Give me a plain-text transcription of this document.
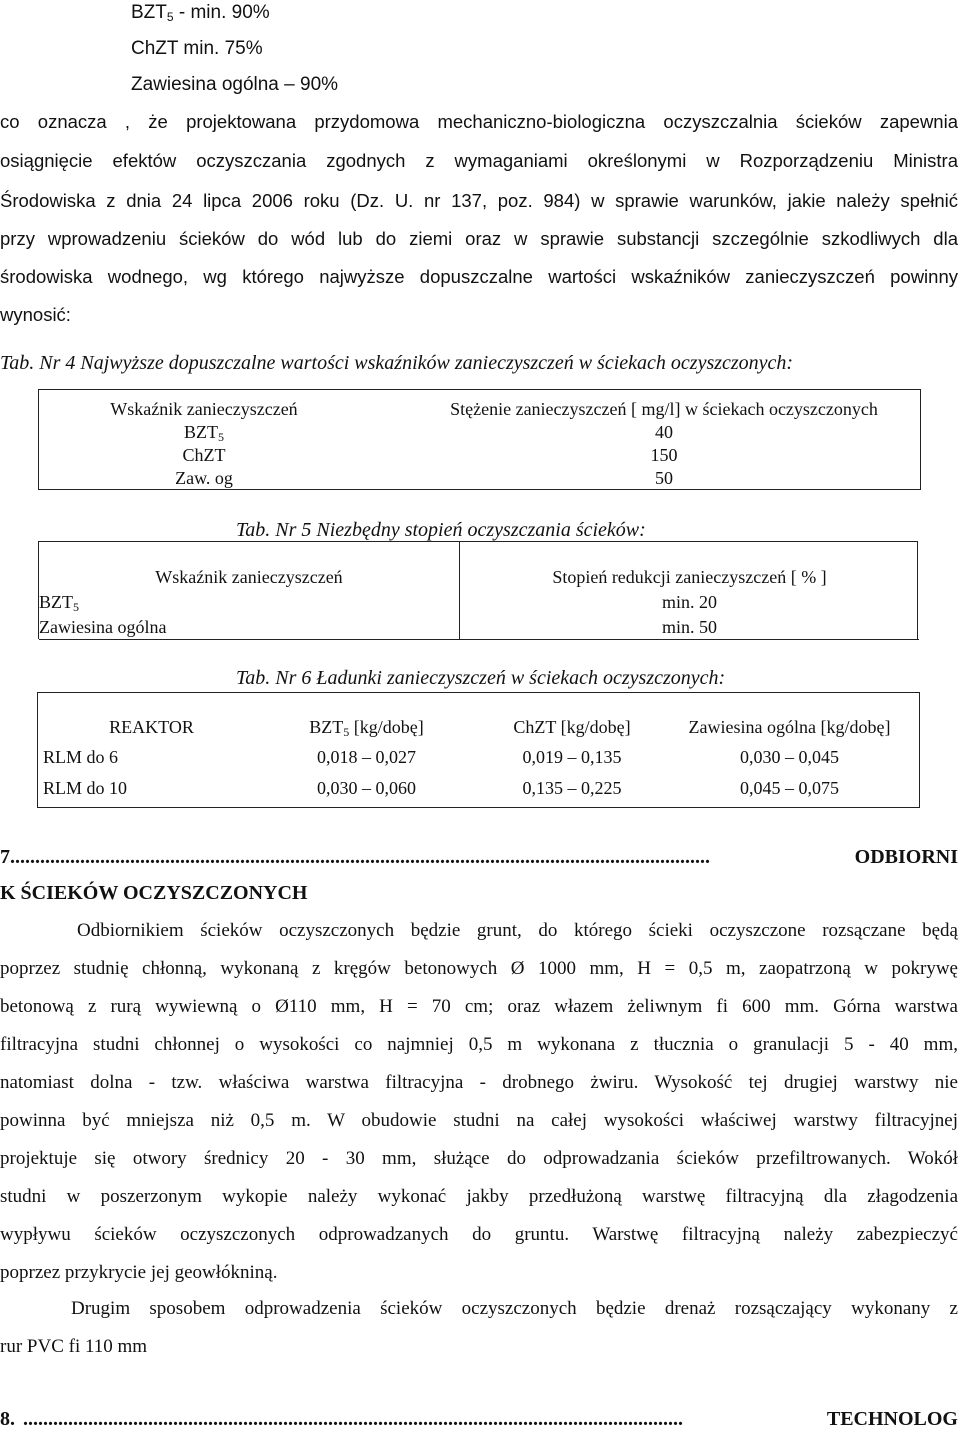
$BZT_5$ - min. 90%
ChZT min. 75%
Zawiesina ogólna – 90%
co oznacza , że projektowana przydomowa mechaniczno-biologiczna oczyszczalnia ścieków zapewnia
osiągnięcie efektów oczyszczania zgodnych z wymaganiami określonymi w Rozporządzeniu Ministra
Środowiska z dnia 24 lipca 2006 roku (Dz. U. nr 137, poz. 984) w sprawie warunków, jakie należy spełnić
przy wprowadzeniu ścieków do wód lub do ziemi oraz w sprawie substancji szczególnie szkodliwych dla
środowiska wodnego, wg którego najwyższe dopuszczalne wartości wskaźników zanieczyszczeń powinny
wynosić:
Tab. Nr 4 Najwyższe dopuszczalne wartości wskaźników zanieczyszczeń w ściekach oczyszczonych:
Wskaźnik zanieczyszczeń	Stężenie zanieczyszczeń [ mg/l] w ściekach oczyszczonych
$BZT_5$	40
ChZT	150
Zaw. og	50
Tab. Nr 5 Niezbędny stopień oczyszczania ścieków:
Wskaźnik zanieczyszczeń	Stopień redukcji zanieczyszczeń [ % ]
$BZT_5$	min. 20
Zawiesina ogólna	min. 50
Tab. Nr 6 Ładunki zanieczyszczeń w ściekach oczyszczonych:
REAKTOR	$BZT_5$ [kg/dobę]	ChZT [kg/dobę]	Zawiesina ogólna [kg/dobę]
RLM do 6	0,018 – 0,027	0,019 – 0,135	0,030 – 0,045
RLM do 10	0,030 – 0,060	0,135 – 0,225	0,045 – 0,075
7. ...........................................................................................................................................	ODBIORNI
K ŚCIEKÓW OCZYSZCZONYCH
Odbiornikiem ścieków oczyszczonych będzie grunt, do którego ścieki oczyszczone rozsączane będą
poprzez studnię chłonną, wykonaną z kręgów betonowych Ø 1000 mm, H = 0,5 m, zaopatrzoną w pokrywę
betonową z rurą wywiewną o Ø110 mm, H = 70 cm; oraz włazem żeliwnym fi 600 mm. Górna warstwa
filtracyjna studni chłonnej o wysokości co najmniej 0,5 m wykonana z tłucznia o granulacji 5 - 40 mm,
natomiast dolna - tzw. właściwa warstwa filtracyjna - drobnego żwiru. Wysokość tej drugiej warstwy nie
powinna być mniejsza niż 0,5 m. W obudowie studni na całej wysokości właściwej warstwy filtracyjnej
projektuje się otwory średnicy 20 - 30 mm, służące do odprowadzania ścieków przefiltrowanych. Wokół
studni w poszerzonym wykopie należy wykonać jakby przedłużoną warstwę filtracyjną dla złagodzenia
wypływu ścieków oczyszczonych odprowadzanych do gruntu. Warstwę filtracyjną należy zabezpieczyć
poprzez przykrycie jej geowłókniną.
Drugim sposobem odprowadzenia ścieków oczyszczonych będzie drenaż rozsączający wykonany z
rur PVC fi 110 mm
8. ....................................................................................................................................	TECHNOLOG
